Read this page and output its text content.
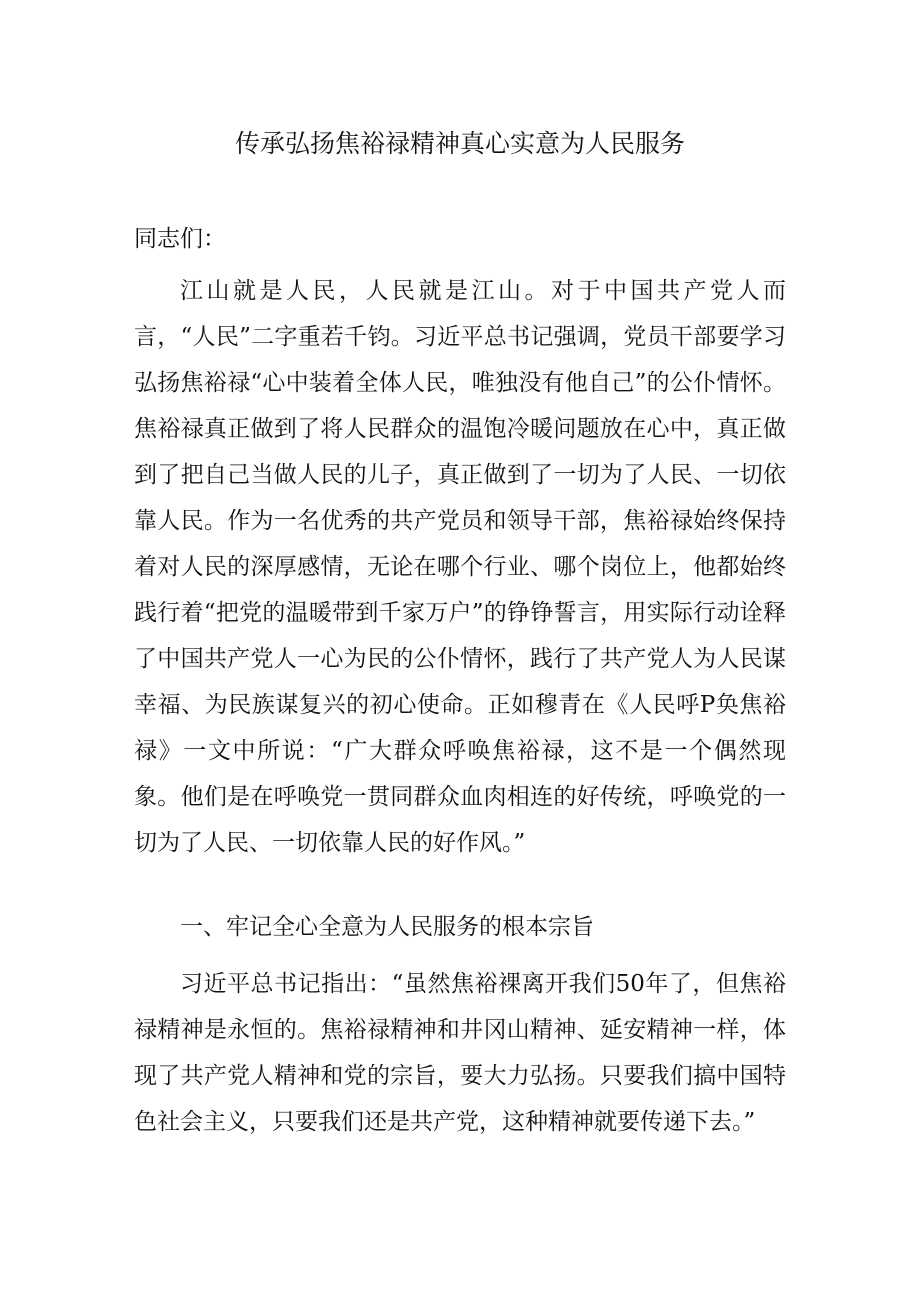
传承弘扬焦裕禄精神真心实意为人民服务

同志们：

江山就是人民，人民就是江山。对于中国共产党人而言，“人民”二字重若千钧。习近平总书记强调，党员干部要学习弘扬焦裕禄“心中装着全体人民，唯独没有他自己”的公仆情怀。焦裕禄真正做到了将人民群众的温饱冷暖问题放在心中，真正做到了把自己当做人民的儿子，真正做到了一切为了人民、一切依靠人民。作为一名优秀的共产党员和领导干部，焦裕禄始终保持着对人民的深厚感情，无论在哪个行业、哪个岗位上，他都始终践行着“把党的温暖带到千家万户”的铮铮誓言，用实际行动诠释了中国共产党人一心为民的公仆情怀，践行了共产党人为人民谋幸福、为民族谋复兴的初心使命。正如穆青在《人民呼P奂焦裕禄》一文中所说：“广大群众呼唤焦裕禄，这不是一个偶然现象。他们是在呼唤党一贯同群众血肉相连的好传统，呼唤党的一切为了人民、一切依靠人民的好作风。”

一、牢记全心全意为人民服务的根本宗旨

习近平总书记指出：“虽然焦裕裸离开我们50年了，但焦裕禄精神是永恒的。焦裕禄精神和井冈山精神、延安精神一样，体现了共产党人精神和党的宗旨，要大力弘扬。只要我们搞中国特色社会主义，只要我们还是共产党，这种精神就要传递下去。”
